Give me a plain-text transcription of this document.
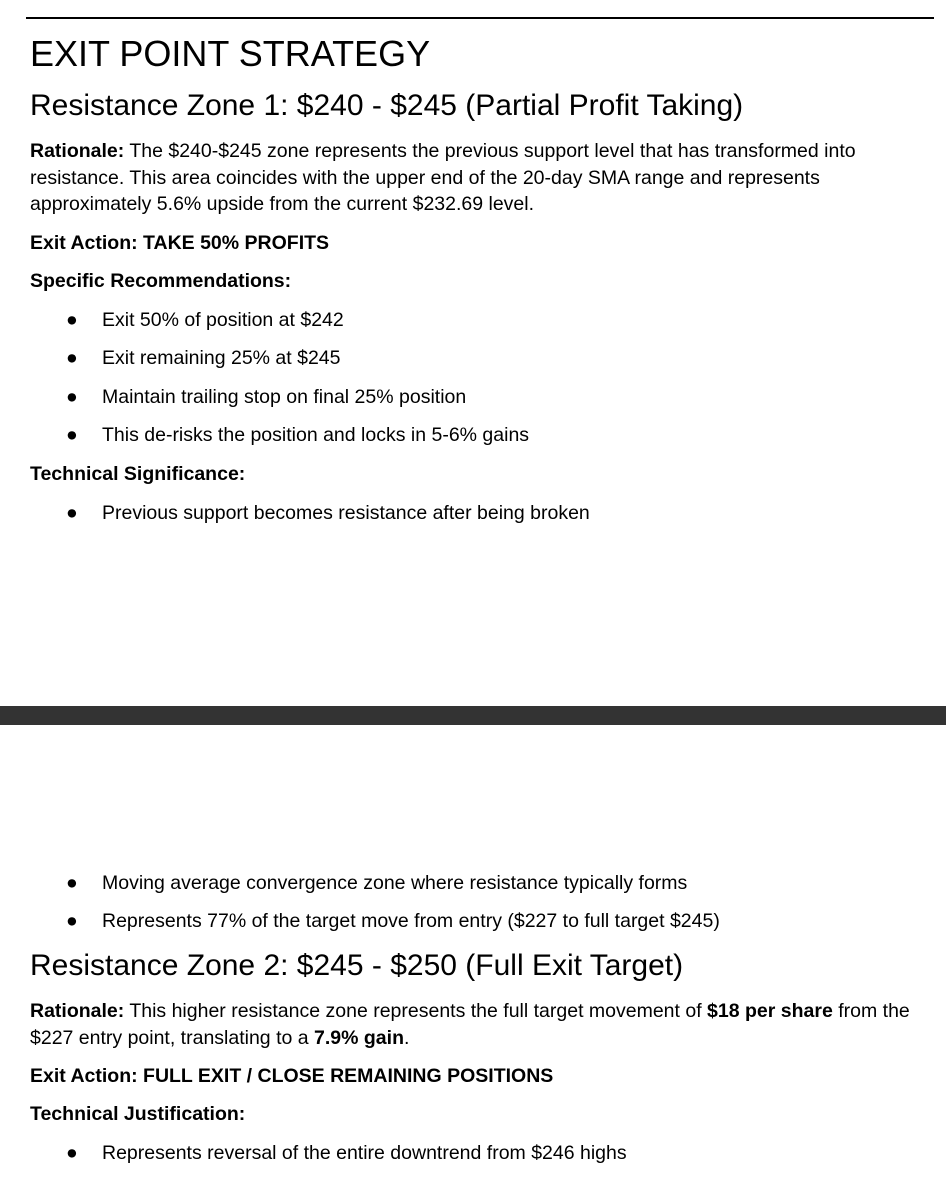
EXIT POINT STRATEGY
Resistance Zone 1: $240 - $245 (Partial Profit Taking)

Rationale: The $240-$245 zone represents the previous support level that has transformed into resistance. This area coincides with the upper end of the 20-day SMA range and represents approximately 5.6% upside from the current $232.69 level.

Exit Action: TAKE 50% PROFITS
Specific Recommendations:
● Exit 50% of position at $242
● Exit remaining 25% at $245
● Maintain trailing stop on final 25% position
● This de-risks the position and locks in 5-6% gains
Technical Significance:
● Previous support becomes resistance after being broken
● Moving average convergence zone where resistance typically forms
● Represents 77% of the target move from entry ($227 to full target $245)
Resistance Zone 2: $245 - $250 (Full Exit Target)

Rationale: This higher resistance zone represents the full target movement of $18 per share from the $227 entry point, translating to a 7.9% gain.

Exit Action: FULL EXIT / CLOSE REMAINING POSITIONS
Technical Justification:
● Represents reversal of the entire downtrend from $246 highs
